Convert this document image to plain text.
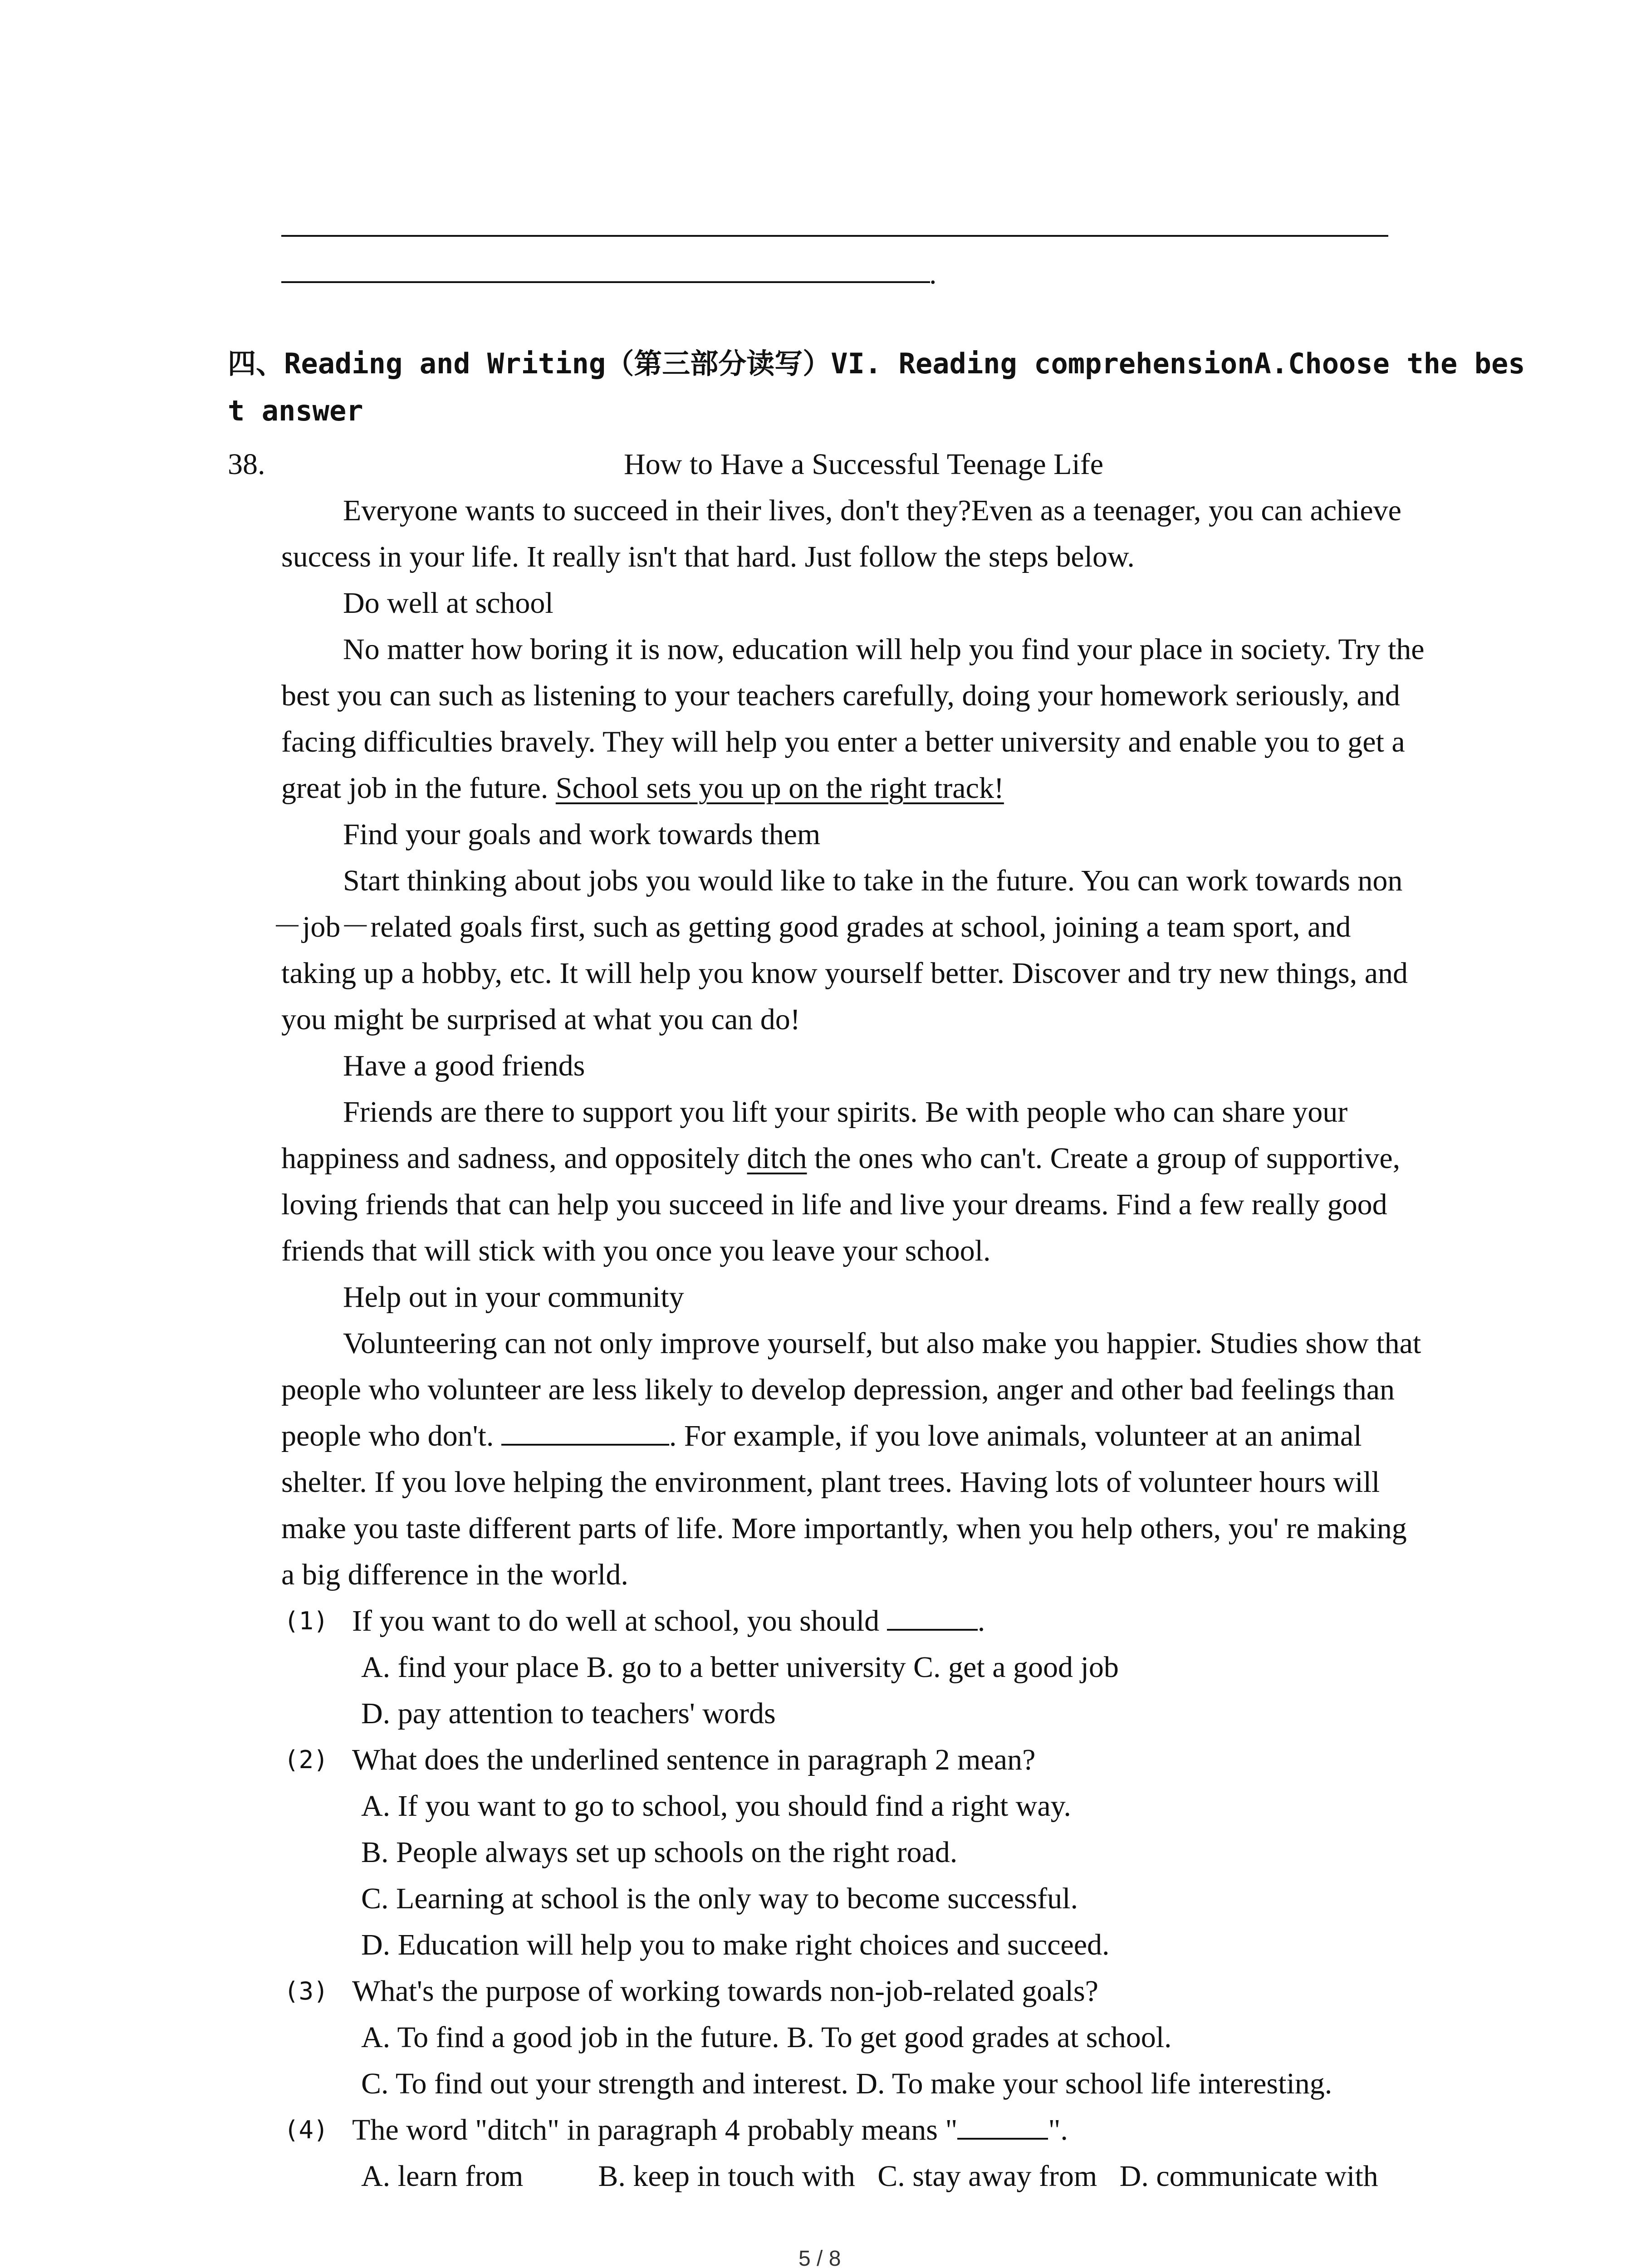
.
四、Reading and Writing（第三部分读写）VI. Reading comprehensionA.Choose the bes
t answer
38.	How to Have a Successful Teenage Life
Everyone wants to succeed in their lives, don't they?Even as a teenager, you can achieve
success in your life. It really isn't that hard. Just follow the steps below.
Do well at school
No matter how boring it is now, education will help you find your place in society. Try the
best you can such as listening to your teachers carefully, doing your homework seriously, and
facing difficulties bravely. They will help you enter a better university and enable you to get a
great job in the future. School sets you up on the right track!
Find your goals and work towards them
Start thinking about jobs you would like to take in the future. You can work towards non
－job－related goals first, such as getting good grades at school, joining a team sport, and
taking up a hobby, etc. It will help you know yourself better. Discover and try new things, and
you might be surprised at what you can do!
Have a good friends
Friends are there to support you lift your spirits. Be with people who can share your
happiness and sadness, and oppositely ditch the ones who can't. Create a group of supportive,
loving friends that can help you succeed in life and live your dreams. Find a few really good
friends that will stick with you once you leave your school.
Help out in your community
Volunteering can not only improve yourself, but also make you happier. Studies show that
people who volunteer are less likely to develop depression, anger and other bad feelings than
people who don't.	. For example, if you love animals, volunteer at an animal
shelter. If you love helping the environment, plant trees. Having lots of volunteer hours will
make you taste different parts of life. More importantly, when you help others, you' re making
a big difference in the world.
(1) If you want to do well at school, you should	.
A. find your place B. go to a better university C. get a good job
D. pay attention to teachers' words
(2) What does the underlined sentence in paragraph 2 mean?
A. If you want to go to school, you should find a right way.
B. People always set up schools on the right road.
C. Learning at school is the only way to become successful.
D. Education will help you to make right choices and succeed.
(3) What's the purpose of working towards non-job-related goals?
A. To find a good job in the future. B. To get good grades at school.
C. To find out your strength and interest. D. To make your school life interesting.
(4) The word "ditch" in paragraph 4 probably means "	".
A. learn from          B. keep in touch with   C. stay away from   D. communicate with
5 / 8
